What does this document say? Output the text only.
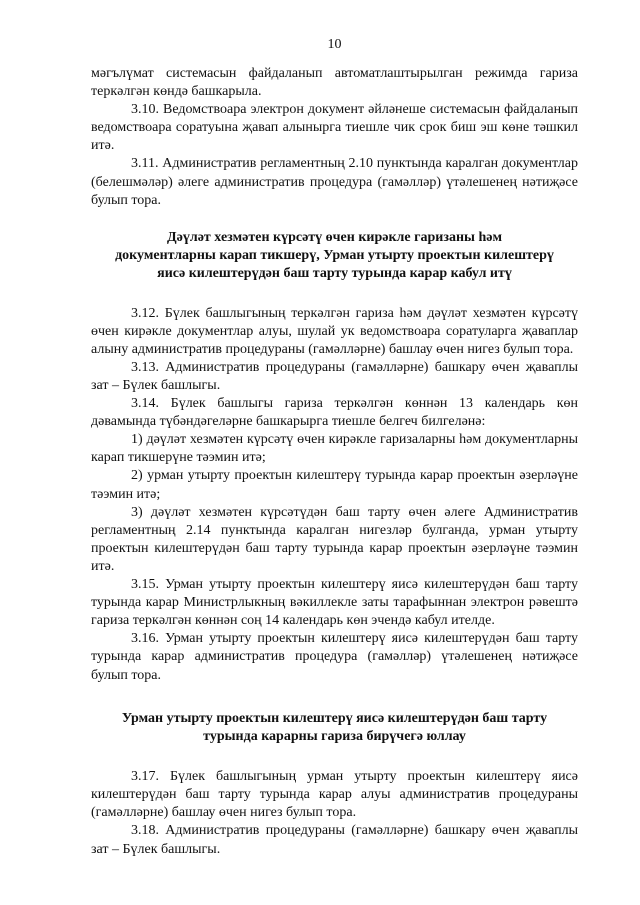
10

мәгълүмат системасын файдаланып автоматлаштырылган режимда гариза теркәлгән көндә башкарыла.

3.10. Ведомствоара электрон документ әйләнеше системасын файдаланып ведомствоара соратуына җавап алынырга тиешле чик срок биш эш көне тәшкил итә.

3.11. Административ регламентның 2.10 пунктында каралган документлар (белешмәләр) әлеге административ процедура (гамәлләр) үтәлешенең нәтиҗәсе булып тора.

Дәүләт хезмәтен күрсәтү өчен кирәкле гаризаны һәм
документларны карап тикшерү, Урман утырту проектын килештерү
яисә килештерүдән баш тарту турында карар кабул итү

3.12. Бүлек башлыгының теркәлгән гариза һәм дәүләт хезмәтен күрсәтү өчен кирәкле документлар алуы, шулай ук ведомствоара соратуларга җаваплар алыну административ процедураны (гамәлләрне) башлау өчен нигез булып тора.

3.13. Административ процедураны (гамәлләрне) башкару өчен җаваплы зат – Бүлек башлыгы.

3.14. Бүлек башлыгы гариза теркәлгән көннән 13 календарь көн дәвамында түбәндәгеләрне башкарырга тиешле белгеч билгеләнә:

1) дәүләт хезмәтен күрсәтү өчен кирәкле гаризаларны һәм документларны карап тикшерүне тәэмин итә;

2) урман утырту проектын килештерү турында карар проектын әзерләүне тәэмин итә;

3) дәүләт хезмәтен күрсәтүдән баш тарту өчен әлеге Административ регламентның 2.14 пунктында каралган нигезләр булганда, урман утырту проектын килештерүдән баш тарту турында карар проектын әзерләүне тәэмин итә.

3.15. Урман утырту проектын килештерү яисә килештерүдән баш тарту турында карар Министрлыкның вәкиллекле заты тарафыннан электрон рәвештә гариза теркәлгән көннән соң 14 календарь көн эчендә кабул ителде.

3.16. Урман утырту проектын килештерү яисә килештерүдән баш тарту турында карар административ процедура (гамәлләр) үтәлешенең нәтиҗәсе булып тора.

Урман утырту проектын килештерү яисә килештерүдән баш тарту
турында карарны гариза бирүчегә юллау

3.17. Бүлек башлыгының урман утырту проектын килештерү яисә килештерүдән баш тарту турында карар алуы административ процедураны (гамәлләрне) башлау өчен нигез булып тора.

3.18. Административ процедураны (гамәлләрне) башкару өчен җаваплы зат – Бүлек башлыгы.
